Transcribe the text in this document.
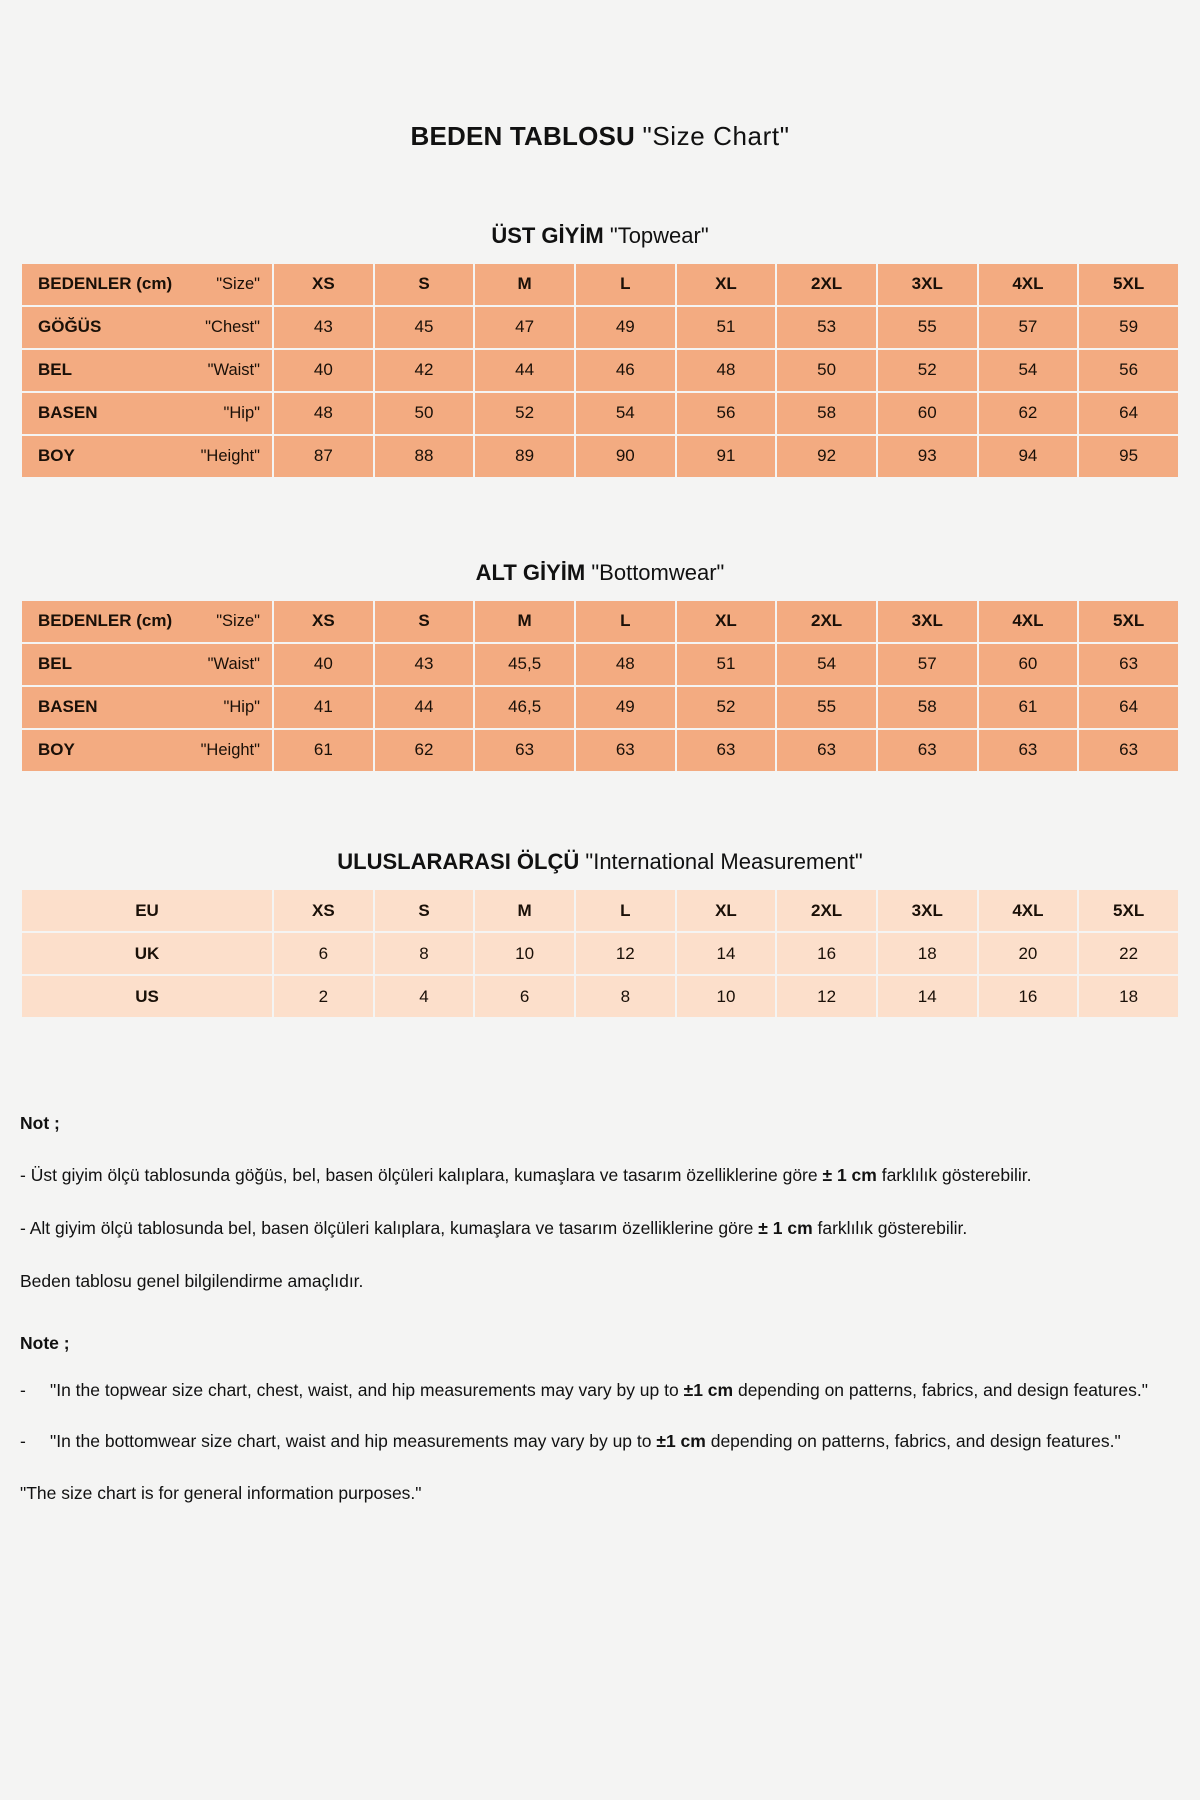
BEDEN TABLOSU "Size Chart"
ÜST GİYİM "Topwear"
BEDENLER (cm) "Size"	XS	S	M	L	XL	2XL	3XL	4XL	5XL

GÖĞÜS "Chest"	43	45	47	49	51	53	55	57	59

BEL "Waist"	40	42	44	46	48	50	52	54	56

BASEN "Hip"	48	50	52	54	56	58	60	62	64

BOY "Height"	87	88	89	90	91	92	93	94	95
ALT GİYİM "Bottomwear"
BEDENLER (cm) "Size"	XS	S	M	L	XL	2XL	3XL	4XL	5XL

BEL "Waist"	40	43	45,5	48	51	54	57	60	63

BASEN "Hip"	41	44	46,5	49	52	55	58	61	64

BOY "Height"	61	62	63	63	63	63	63	63	63
ULUSLARARASI ÖLÇÜ "International Measurement"
EU	XS	S	M	L	XL	2XL	3XL	4XL	5XL
UK	6	8	10	12	14	16	18	20	22
US	2	4	6	8	10	12	14	16	18
Not ;

- Üst giyim ölçü tablosunda göğüs, bel, basen ölçüleri kalıplara, kumaşlara ve tasarım özelliklerine göre ± 1 cm farklılık gösterebilir.

- Alt giyim ölçü tablosunda bel, basen ölçüleri kalıplara, kumaşlara ve tasarım özelliklerine göre ± 1 cm farklılık gösterebilir.

Beden tablosu genel bilgilendirme amaçlıdır.

Note ;
- "In the topwear size chart, chest, waist, and hip measurements may vary by up to ±1 cm depending on patterns, fabrics, and design features."
- "In the bottomwear size chart, waist and hip measurements may vary by up to ±1 cm depending on patterns, fabrics, and design features."

"The size chart is for general information purposes."
